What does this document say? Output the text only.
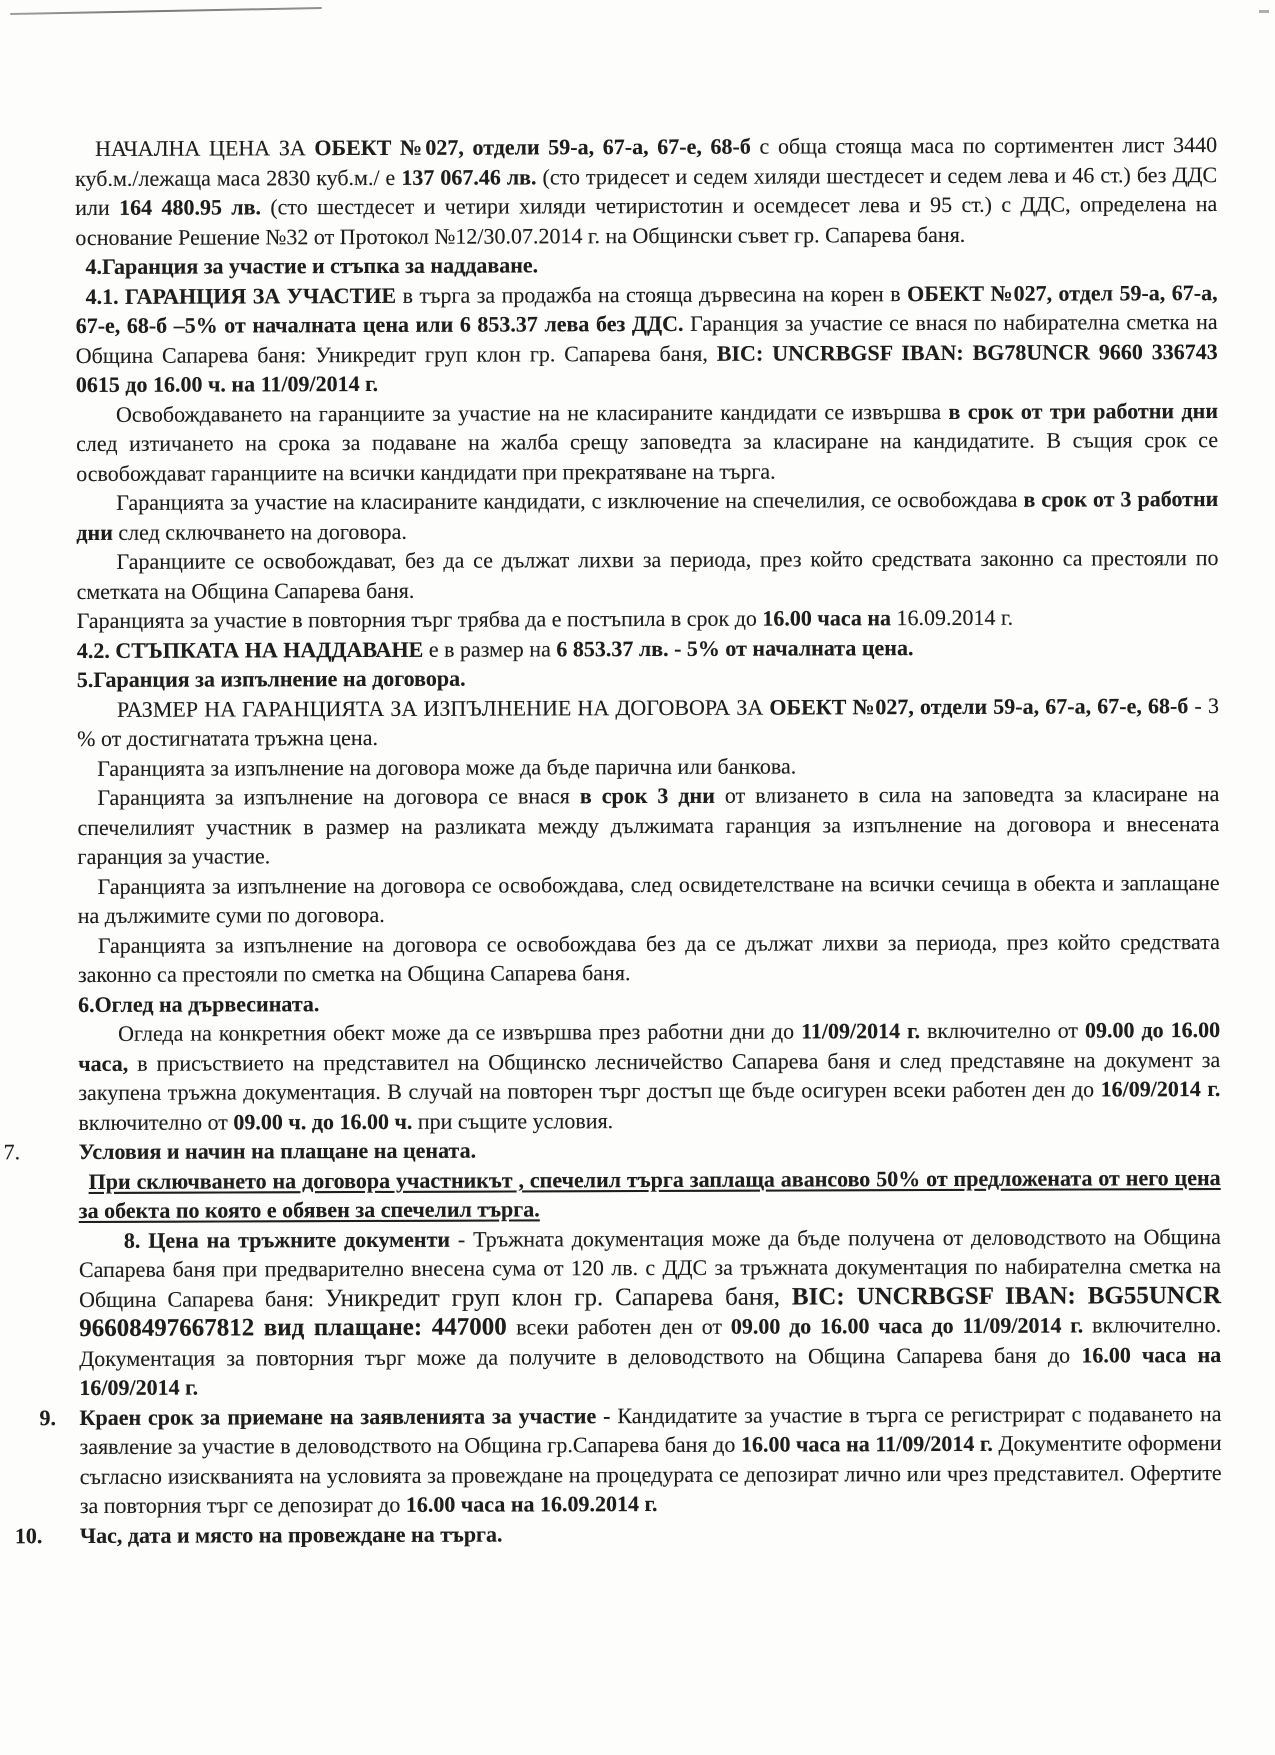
НАЧАЛНА ЦЕНА ЗА ОБЕКТ №027, отдели 59-а, 67-а, 67-е, 68-б с обща стояща маса по сортиментен лист 3440 куб.м./лежаща маса 2830 куб.м./ е 137 067.46 лв. (сто тридесет и седем хиляди шестдесет и седем лева и 46 ст.) без ДДС или 164 480.95 лв. (сто шестдесет и четири хиляди четиристотин и осемдесет лева и 95 ст.) с ДДС, определена на основание Решение №32 от Протокол №12/30.07.2014 г. на Общински съвет гр. Сапарева баня.

4.Гаранция за участие и стъпка за наддаване.

4.1. ГАРАНЦИЯ ЗА УЧАСТИЕ в търга за продажба на стояща дървесина на корен в ОБЕКТ №027, отдел 59-а, 67-а, 67-е, 68-б –5% от началната цена или 6 853.37 лева без ДДС. Гаранция за участие се внася по набирателна сметка на Община Сапарева баня: Уникредит груп клон гр. Сапарева баня, BIC: UNCRBGSF IBAN: BG78UNCR 9660 336743 0615 до 16.00 ч. на 11/09/2014 г.

Освобождаването на гаранциите за участие на не класираните кандидати се извършва в срок от три работни дни след изтичането на срока за подаване на жалба срещу заповедта за класиране на кандидатите. В същия срок се освобождават гаранциите на всички кандидати при прекратяване на търга.

Гаранцията за участие на класираните кандидати, с изключение на спечелилия, се освобождава в срок от 3 работни дни след сключването на договора.

Гаранциите се освобождават, без да се дължат лихви за периода, през който средствата законно са престояли по сметката на Община Сапарева баня.

Гаранцията за участие в повторния търг трябва да е постъпила в срок до 16.00 часа на 16.09.2014 г.

4.2. СТЪПКАТА НА НАДДАВАНЕ е в размер на 6 853.37 лв. - 5% от началната цена.

5.Гаранция за изпълнение на договора.

РАЗМЕР НА ГАРАНЦИЯТА ЗА ИЗПЪЛНЕНИЕ НА ДОГОВОРА ЗА ОБЕКТ №027, отдели 59-а, 67-а, 67-е, 68-б - 3 % от достигнатата тръжна цена.

Гаранцията за изпълнение на договора може да бъде парична или банкова.

Гаранцията за изпълнение на договора се внася в срок 3 дни от влизането в сила на заповедта за класиране на спечелилият участник в размер на разликата между дължимата гаранция за изпълнение на договора и внесената гаранция за участие.

Гаранцията за изпълнение на договора се освобождава, след освидетелстване на всички сечища в обекта и заплащане на дължимите суми по договора.

Гаранцията за изпълнение на договора се освобождава без да се дължат лихви за периода, през който средствата законно са престояли по сметка на Община Сапарева баня.

6.Оглед на дървесината.

Огледа на конкретния обект може да се извършва през работни дни до 11/09/2014 г. включително от 09.00 до 16.00 часа, в присъствието на представител на Общинско лесничейство Сапарева баня и след представяне на документ за закупена тръжна документация. В случай на повторен търг достъп ще бъде осигурен всеки работен ден до 16/09/2014 г. включително от 09.00 ч. до 16.00 ч. при същите условия.

7.	Условия и начин на плащане на цената.

При сключването на договора участникът , спечелил търга заплаща авансово 50% от предложената от него цена за обекта по която е обявен за спечелил търга.

8. Цена на тръжните документи - Тръжната документация може да бъде получена от деловодството на Община Сапарева баня при предварително внесена сума от 120 лв. с ДДС за тръжната документация по набирателна сметка на Община Сапарева баня: Уникредит груп клон гр. Сапарева баня, BIC: UNCRBGSF IBAN: BG55UNCR 96608497667812 вид плащане: 447000 всеки работен ден от 09.00 до 16.00 часа до 11/09/2014 г. включително. Документация за повторния търг може да получите в деловодството на Община Сапарева баня до 16.00 часа на 16/09/2014 г.

9. Краен срок за приемане на заявленията за участие - Кандидатите за участие в търга се регистрират с подаването на заявление за участие в деловодството на Община гр.Сапарева баня до 16.00 часа на 11/09/2014 г. Документите оформени съгласно изискванията на условията за провеждане на процедурата се депозират лично или чрез представител. Офертите за повторния търг се депозират до 16.00 часа на 16.09.2014 г.

10. Час, дата и място на провеждане на търга.
